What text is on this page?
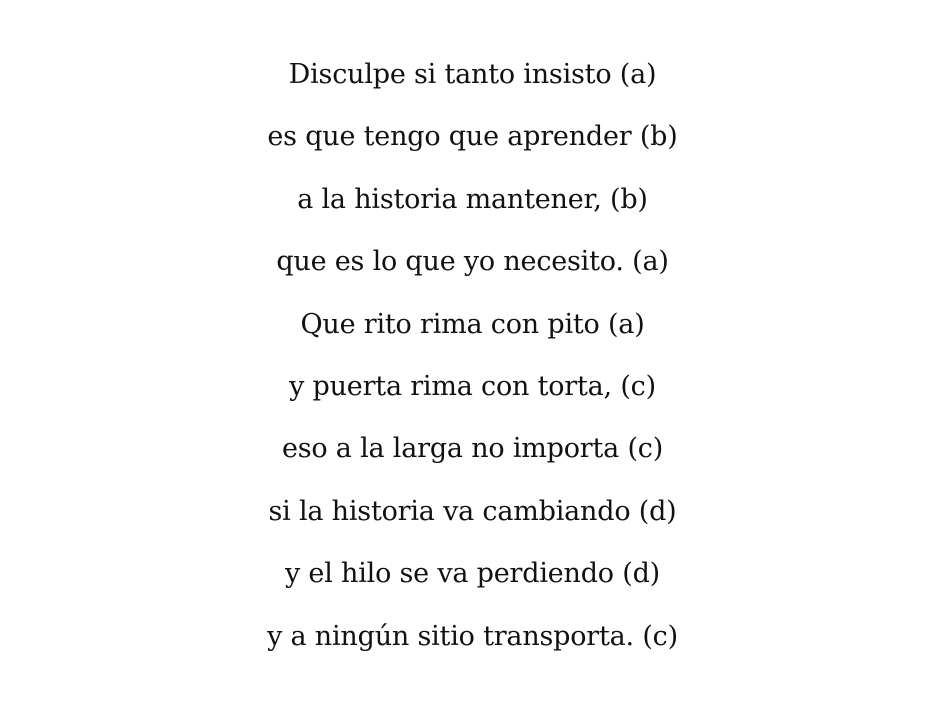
Disculpe si tanto insisto (a)
es que tengo que aprender (b)
a la historia mantener, (b)
que es lo que yo necesito. (a)
Que rito rima con pito (a)
y puerta rima con torta, (c)
eso a la larga no importa (c)
si la historia va cambiando (d)
y el hilo se va perdiendo (d)
y a ningún sitio transporta. (c)
